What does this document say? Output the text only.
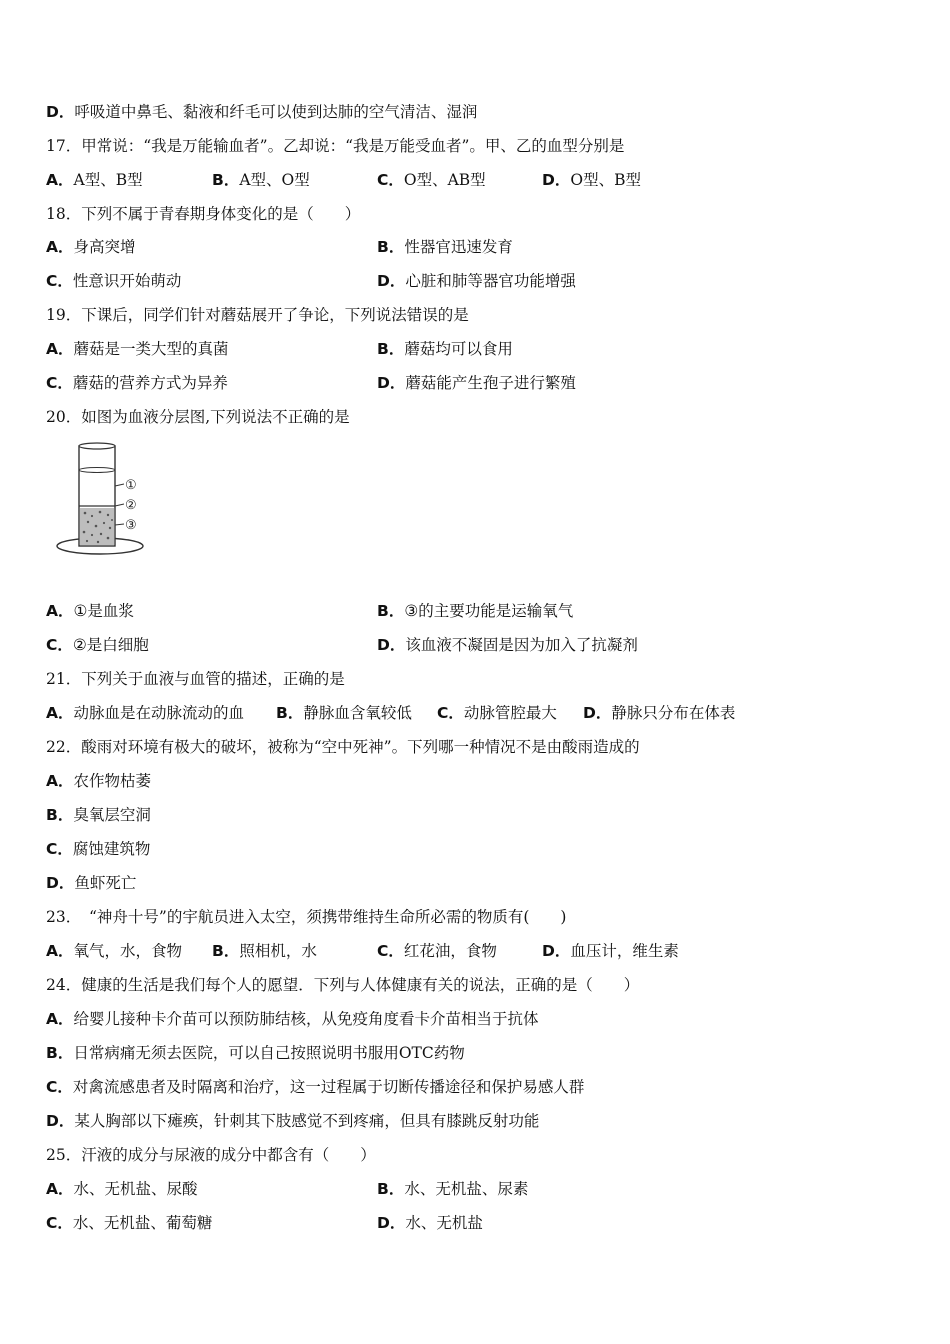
D．呼吸道中鼻毛、黏液和纤毛可以使到达肺的空气清洁、湿润
17．甲常说：“我是万能输血者”。乙却说：“我是万能受血者”。甲、乙的血型分别是
A．A型、B型	B．A型、O型	C．O型、AB型	D．O型、B型
18．下列不属于青春期身体变化的是（　　）
A．身高突增	B．性器官迅速发育
C．性意识开始萌动	D．心脏和肺等器官功能增强
19．下课后，同学们针对蘑菇展开了争论，下列说法错误的是
A．蘑菇是一类大型的真菌	B．蘑菇均可以食用
C．蘑菇的营养方式为异养	D．蘑菇能产生孢子进行繁殖
20．如图为血液分层图,下列说法不正确的是
①
②
③
A．①是血浆	B．③的主要功能是运输氧气
C．②是白细胞	D．该血液不凝固是因为加入了抗凝剂
21．下列关于血液与血管的描述，正确的是
A．动脉血是在动脉流动的血 B．静脉血含氧较低 C．动脉管腔最大 D．静脉只分布在体表
22．酸雨对环境有极大的破坏，被称为“空中死神”。下列哪一种情况不是由酸雨造成的
A．农作物枯萎
B．臭氧层空洞
C．腐蚀建筑物
D．鱼虾死亡
23．　“神舟十号”的宇航员进入太空，须携带维持生命所必需的物质有(　　)
A．氧气，水，食物 B．照相机，水	C．红花油，食物	D．血压计，维生素
24．健康的生活是我们每个人的愿望．下列与人体健康有关的说法，正确的是（　　）
A．给婴儿接种卡介苗可以预防肺结核，从免疫角度看卡介苗相当于抗体
B．日常病痛无须去医院，可以自己按照说明书服用OTC药物
C．对禽流感患者及时隔离和治疗，这一过程属于切断传播途径和保护易感人群
D．某人胸部以下瘫痪，针刺其下肢感觉不到疼痛，但具有膝跳反射功能
25．汗液的成分与尿液的成分中都含有（　　）
A．水、无机盐、尿酸	B．水、无机盐、尿素
C．水、无机盐、葡萄糖	D．水、无机盐
